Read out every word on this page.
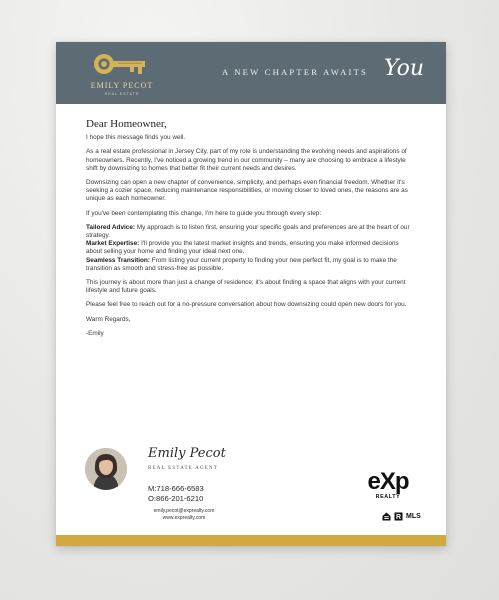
EMILY PECOT
REAL ESTATE
A NEW CHAPTER AWAITS You

Dear Homeowner,

I hope this message finds you well.

As a real estate professional in Jersey City, part of my role is understanding the evolving needs and aspirations of homeowners. Recently, I've noticed a growing trend in our community – many are choosing to embrace a lifestyle shift by downsizing to homes that better fit their current needs and desires.

Downsizing can open a new chapter of convenience, simplicity, and perhaps even financial freedom. Whether it's seeking a cozier space, reducing maintenance responsibilities, or moving closer to loved ones, the reasons are as unique as each homeowner.

If you've been contemplating this change, I'm here to guide you through every step:

Tailored Advice: My approach is to listen first, ensuring your specific goals and preferences are at the heart of our strategy.

Market Expertise: I'll provide you the latest market insights and trends, ensuring you make informed decisions about selling your home and finding your ideal next one.

Seamless Transition: From listing your current property to finding your new perfect fit, my goal is to make the transition as smooth and stress-free as possible.

This journey is about more than just a change of residence; it's about finding a space that aligns with your current lifestyle and future goals.

Please feel free to reach out for a no-pressure conversation about how downsizing could open new doors for you.

Warm Regards,

-Emily

Emily Pecot
REAL ESTATE AGENT
M:718-666-6583
O:866-201-6210
emily.pecot@exprealty.com
www.exprealty.com
eXp
REALTY
R MLS
